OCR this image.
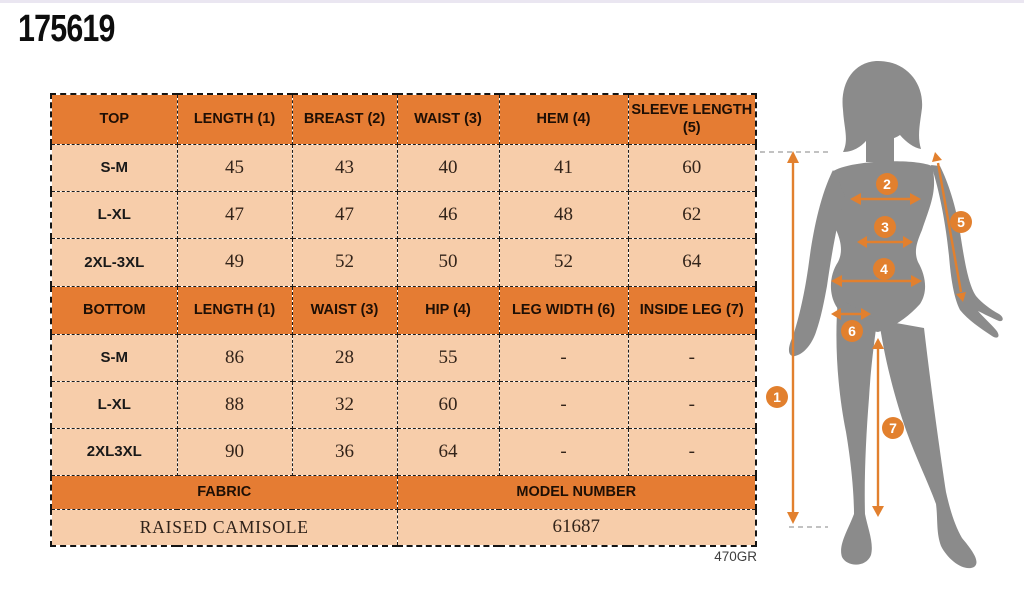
175619
TOP	LENGTH (1)	BREAST (2)	WAIST (3)	HEM (4)	SLEEVE LENGTH (5)
S-M	45	43	40	41	60
L-XL	47	47	46	48	62
2XL-3XL	49	52	50	52	64
BOTTOM	LENGTH (1)	WAIST (3)	HIP (4)	LEG WIDTH (6)	INSIDE LEG (7)
S-M	86	28	55	-	-
L-XL	88	32	60	-	-
2XL3XL	90	36	64	-	-
FABRIC			MODEL NUMBER		
RAISED CAMISOLE			61687		
470GR
1
2
3
4
5
6
7
